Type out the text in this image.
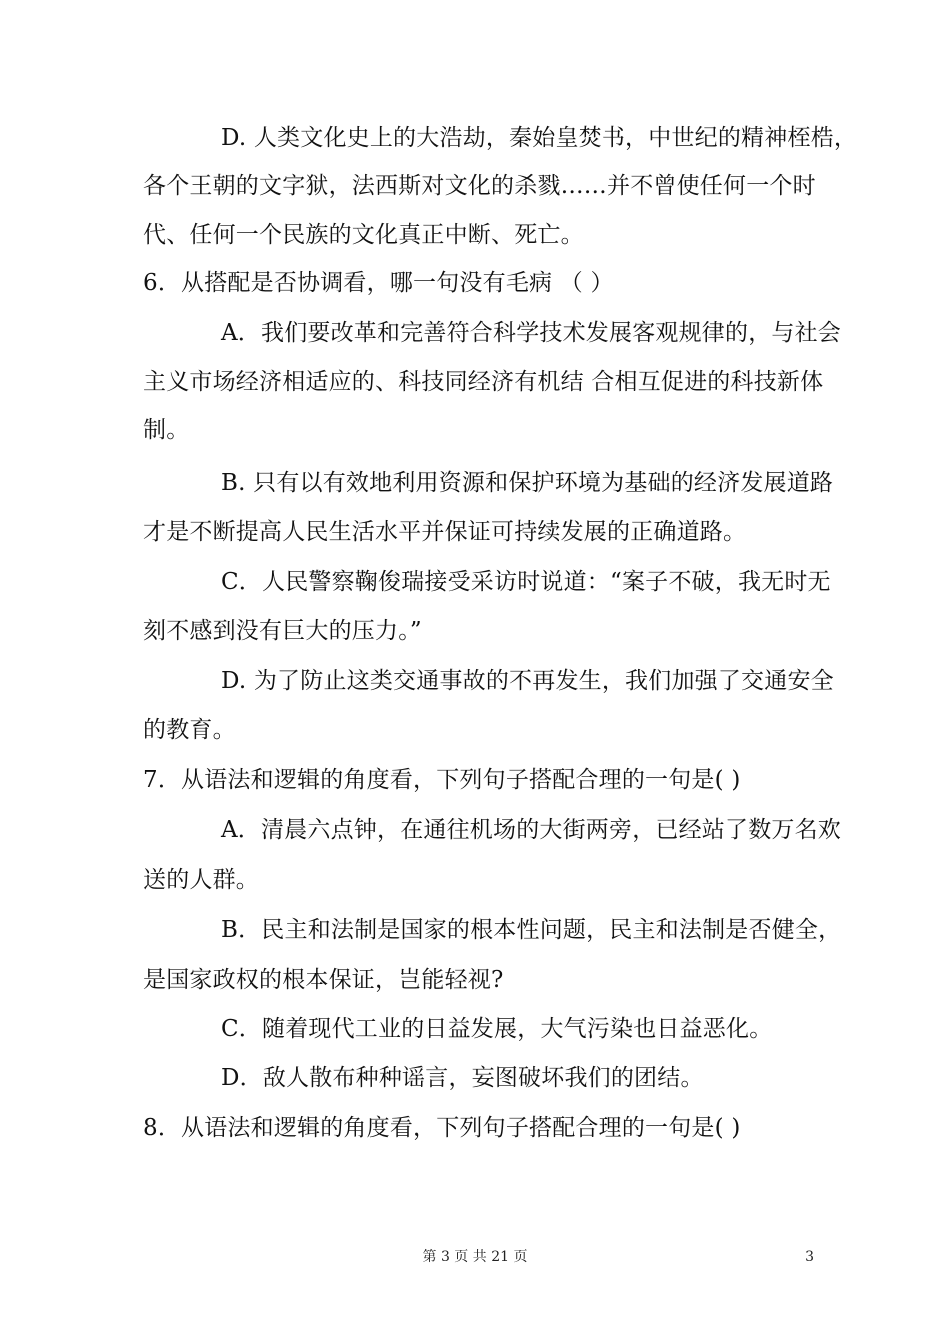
D. 人类文化史上的大浩劫，秦始皇焚书，中世纪的精神桎梏，
各个王朝的文字狱，法西斯对文化的杀戮……并不曾使任何一个时
代、任何一个民族的文化真正中断、死亡。
6．从搭配是否协调看，哪一句没有毛病 （ ）
A．我们要改革和完善符合科学技术发展客观规律的，与社会
主义市场经济相适应的、科技同经济有机结 合相互促进的科技新体
制。
B. 只有以有效地利用资源和保护环境为基础的经济发展道路
才是不断提高人民生活水平并保证可持续发展的正确道路。
C．人民警察鞠俊瑞接受采访时说道：“案子不破，我无时无
刻不感到没有巨大的压力。”
D. 为了防止这类交通事故的不再发生，我们加强了交通安全
的教育。
7．从语法和逻辑的角度看，下列句子搭配合理的一句是( )
A．清晨六点钟，在通往机场的大街两旁，已经站了数万名欢
送的人群。
B．民主和法制是国家的根本性问题，民主和法制是否健全，
是国家政权的根本保证，岂能轻视?
C．随着现代工业的日益发展，大气污染也日益恶化。
D．敌人散布种种谣言，妄图破坏我们的团结。
8．从语法和逻辑的角度看，下列句子搭配合理的一句是( )
第 3 页 共 21 页	3
